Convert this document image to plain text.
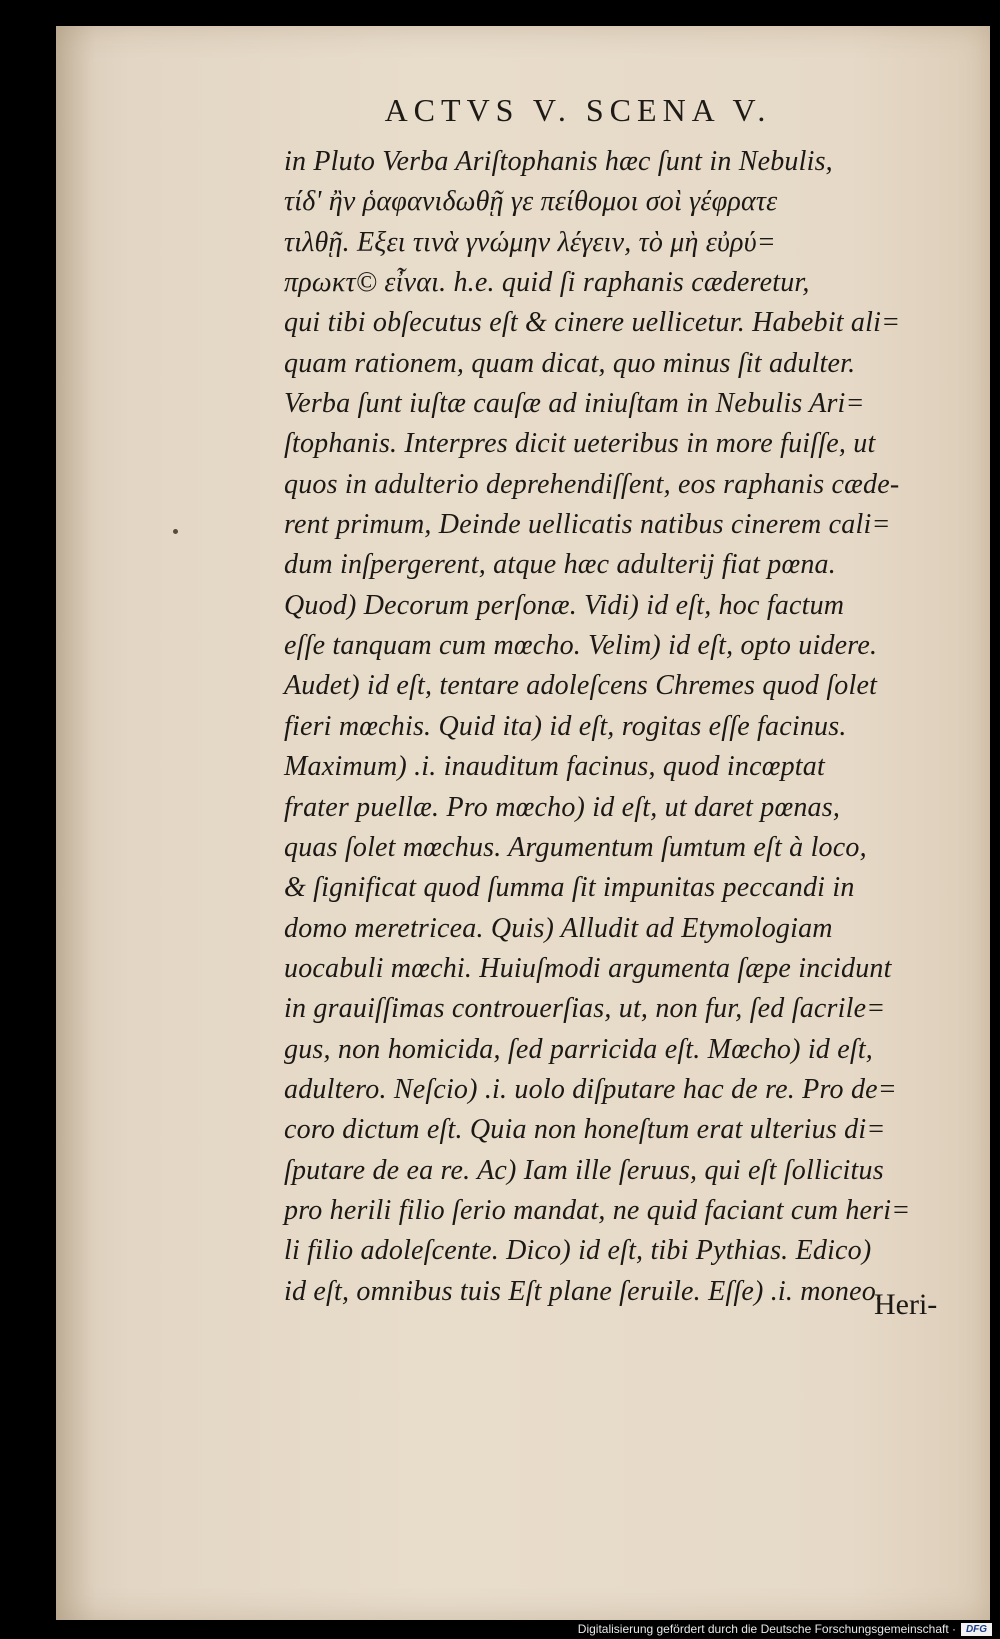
ACTVS V. SCENA V.
in Pluto Verba Ariſtophanis hæc ſunt in Nebulis,
τίδ' ἢν ῥαφανιδωθῇ γε πείθομοι σοὶ γέφρατε
τιλθῇ. Εξει τινὰ γνώμην λέγειν, τὸ μὴ εὐρύ=
πρωκτ© εἶναι. h.e. quid ſi raphanis cæderetur,
qui tibi obſecutus eſt & cinere uellicetur. Habebit ali=
quam rationem, quam dicat, quo minus ſit adulter.
Verba ſunt iuſtæ cauſæ ad iniuſtam in Nebulis Ari=
ſtophanis. Interpres dicit ueteribus in more fuiſſe, ut
quos in adulterio deprehendiſſent, eos raphanis cæde-
rent primum, Deinde uellicatis natibus cinerem cali=
dum inſpergerent, atque hæc adulterij fiat pœna.
Quod) Decorum perſonæ. Vidi) id eſt, hoc factum
eſſe tanquam cum mœcho. Velim) id eſt, opto uidere.
Audet) id eſt, tentare adoleſcens Chremes quod ſolet
fieri mœchis. Quid ita) id eſt, rogitas eſſe facinus.
Maximum) .i. inauditum facinus, quod incœptat
frater puellæ. Pro mœcho) id eſt, ut daret pœnas,
quas ſolet mœchus. Argumentum ſumtum eſt à loco,
& ſignificat quod ſumma ſit impunitas peccandi in
domo meretricea. Quis) Alludit ad Etymologiam
uocabuli mœchi. Huiuſmodi argumenta ſæpe incidunt
in grauiſſimas controuerſias, ut, non fur, ſed ſacrile=
gus, non homicida, ſed parricida eſt. Mœcho) id eſt,
adultero. Neſcio) .i. uolo diſputare hac de re. Pro de=
coro dictum eſt. Quia non honeſtum erat ulterius di=
ſputare de ea re. Ac) Iam ille ſeruus, qui eſt ſollicitus
pro herili filio ſerio mandat, ne quid faciant cum heri=
li filio adoleſcente. Dico) id eſt, tibi Pythias. Edico)
id eſt, omnibus tuis Eſt plane ſeruile. Eſſe) .i. moneo.
Heri-
Digitalisierung gefördert durch die Deutsche Forschungsgemeinschaft · DFG
